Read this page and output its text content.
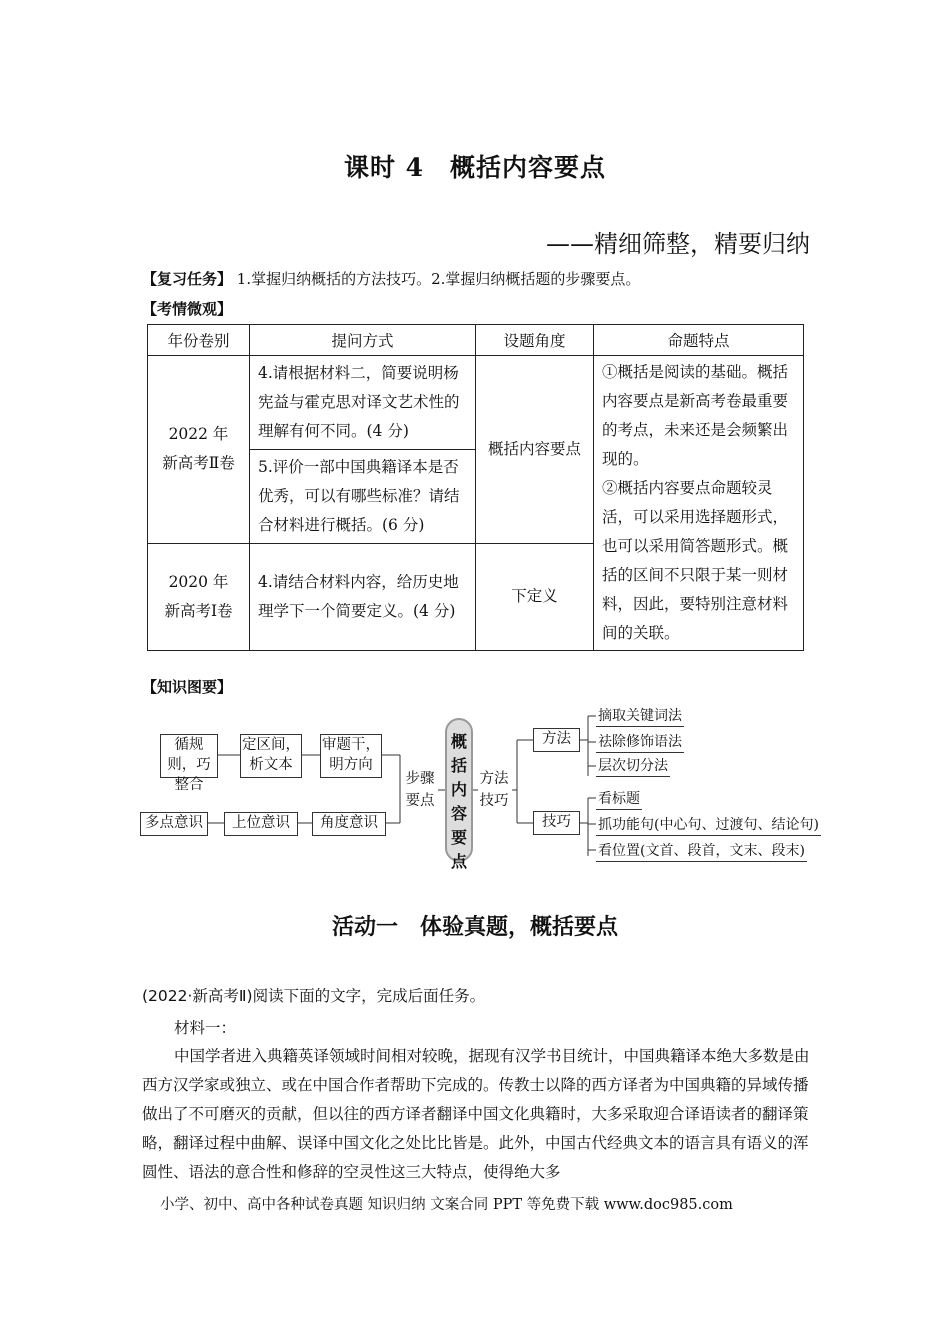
课时 4　概括内容要点
——精细筛整，精要归纳
【复习任务】 1.掌握归纳概括的方法技巧。2.掌握归纳概括题的步骤要点。
【考情微观】
年份卷别	提问方式	设题角度	命题特点
2022 年新高考Ⅱ卷	4.请根据材料二，简要说明杨宪益与霍克思对译文艺术性的理解有何不同。(4 分)	概括内容要点	①概括是阅读的基础。概括内容要点是新高考卷最重要的考点，未来还是会频繁出现的。
②概括内容要点命题较灵活，可以采用选择题形式，也可以采用简答题形式。概括的区间不只限于某一则材料，因此，要特别注意材料间的关联。
	5.评价一部中国典籍译本是否优秀，可以有哪些标准？请结合材料进行概括。(6 分)		
2020 年新高考Ⅰ卷	4.请结合材料内容，给历史地理学下一个简要定义。(4 分)	下定义	
【知识图要】
循规则，巧整合
定区间，析文本
审题干，明方向
多点意识	上位意识	角度意识
步骤要点
概括内容要点
方法技巧
方法
技巧
摘取关键词法
祛除修饰语法
层次切分法
看标题
抓功能句(中心句、过渡句、结论句)
看位置(文首、段首，文末、段末)
活动一　体验真题，概括要点
(2022·新高考Ⅱ)阅读下面的文字，完成后面任务。
材料一：
中国学者进入典籍英译领域时间相对较晚，据现有汉学书目统计，中国典籍译本绝大多数是由西方汉学家或独立、或在中国合作者帮助下完成的。传教士以降的西方译者为中国典籍的异域传播做出了不可磨灭的贡献，但以往的西方译者翻译中国文化典籍时，大多采取迎合译语读者的翻译策略，翻译过程中曲解、误译中国文化之处比比皆是。此外，中国古代经典文本的语言具有语义的浑圆性、语法的意合性和修辞的空灵性这三大特点，使得绝大多
小学、初中、高中各种试卷真题 知识归纳 文案合同 PPT 等免费下载 www.doc985.com
